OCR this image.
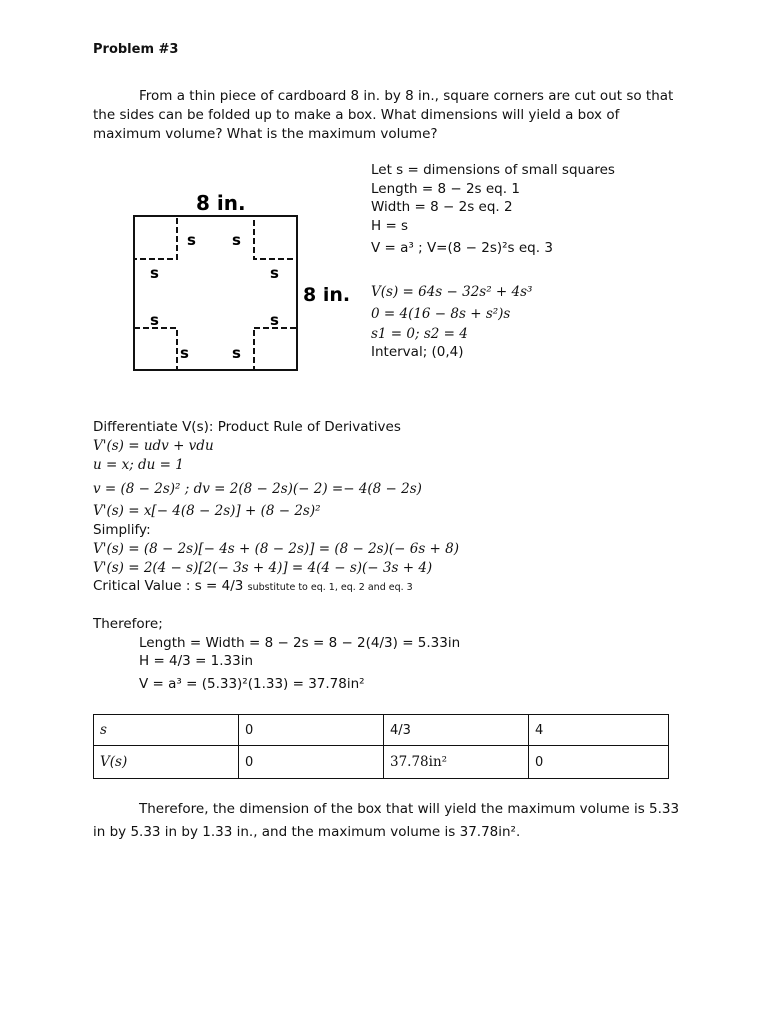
Problem #3
From a thin piece of cardboard 8 in. by 8 in., square corners are cut out so that the sides can be folded up to make a box. What dimensions will yield a box of maximum volume? What is the maximum volume?
8 in.
s s
s	s
s	s
s	s
8 in.
Let s = dimensions of small squares
Length = 8 − 2s eq. 1
Width = 8 − 2s eq. 2
H = s
V = a³ ; V=(8 − 2s)²s eq. 3
V(s) = 64s − 32s² + 4s³
0 = 4(16 − 8s + s²)s
s1 = 0; s2 = 4
Interval; (0,4)
Differentiate V(s): Product Rule of Derivatives
V'(s) = udv + vdu
u = x; du = 1
v = (8 − 2s)² ; dv = 2(8 − 2s)(− 2) =− 4(8 − 2s)
V'(s) = x[− 4(8 − 2s)] + (8 − 2s)²
Simplify:
V'(s) = (8 − 2s)[− 4s + (8 − 2s)] = (8 − 2s)(− 6s + 8)
V'(s) = 2(4 − s)[2(− 3s + 4)] = 4(4 − s)(− 3s + 4)
Critical Value : s = 4/3 substitute to eq. 1, eq. 2 and eq. 3
Therefore;
Length = Width = 8 − 2s = 8 − 2(4/3) = 5.33in
H = 4/3 = 1.33in
V = a³ = (5.33)²(1.33) = 37.78in²
s	0	4/3	4
V(s)	0	37.78in²	0
Therefore, the dimension of the box that will yield the maximum volume is 5.33 in by 5.33 in by 1.33 in., and the maximum volume is 37.78in².
